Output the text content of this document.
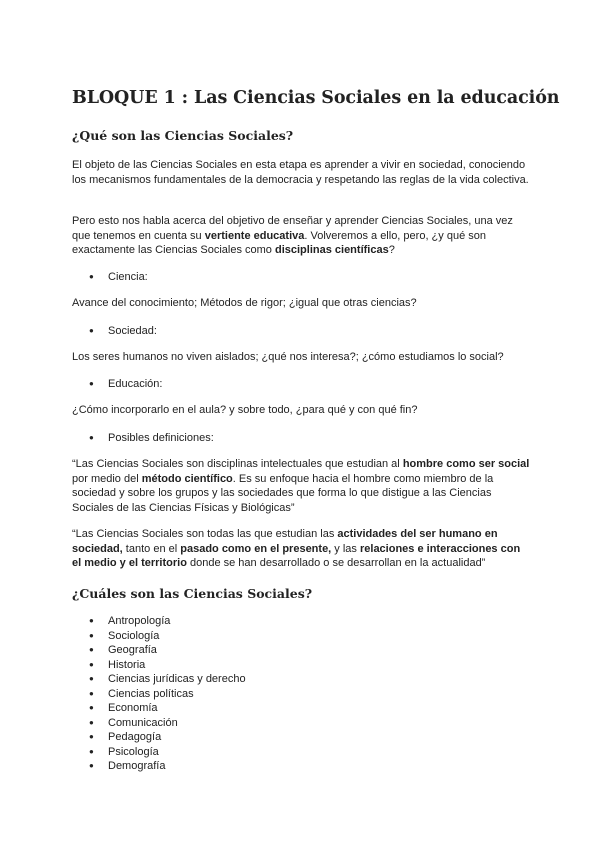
BLOQUE 1 : Las Ciencias Sociales en la educación
¿Qué son las Ciencias Sociales?

El objeto de las Ciencias Sociales en esta etapa es aprender a vivir en sociedad, conociendo los mecanismos fundamentales de la democracia y respetando las reglas de la vida colectiva.

Pero esto nos habla acerca del objetivo de enseñar y aprender Ciencias Sociales, una vez que tenemos en cuenta su vertiente educativa. Volveremos a ello, pero, ¿y qué son exactamente las Ciencias Sociales como disciplinas científicas?

● Ciencia:

Avance del conocimiento; Métodos de rigor; ¿igual que otras ciencias?

● Sociedad:

Los seres humanos no viven aislados; ¿qué nos interesa?; ¿cómo estudiamos lo social?

● Educación:

¿Cómo incorporarlo en el aula? y sobre todo, ¿para qué y con qué fin?

● Posibles definiciones:

“Las Ciencias Sociales son disciplinas intelectuales que estudian al hombre como ser social por medio del método científico. Es su enfoque hacia el hombre como miembro de la sociedad y sobre los grupos y las sociedades que forma lo que distigue a las Ciencias Sociales de las Ciencias Físicas y Biológicas”

“Las Ciencias Sociales son todas las que estudian las actividades del ser humano en sociedad, tanto en el pasado como en el presente, y las relaciones e interacciones con el medio y el territorio donde se han desarrollado o se desarrollan en la actualidad”

¿Cuáles son las Ciencias Sociales?
● Antropología
● Sociología
● Geografía
● Historia
● Ciencias jurídicas y derecho
● Ciencias políticas
● Economía
● Comunicación
● Pedagogía
● Psicología
● Demografía
